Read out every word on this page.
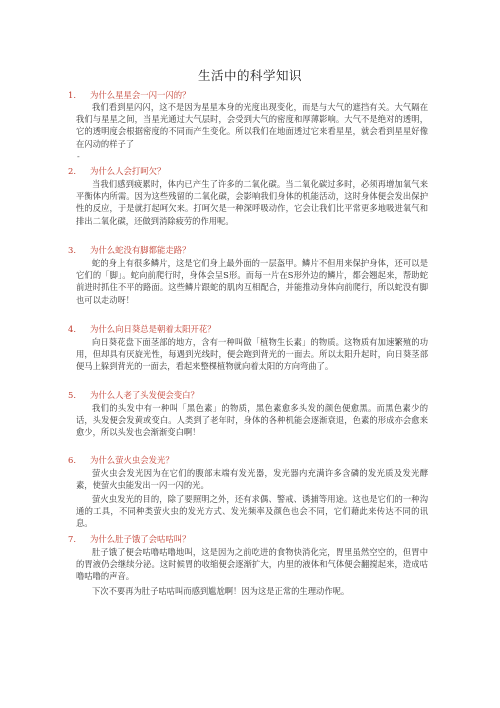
生活中的科学知识
1. 为什么星星会一闪一闪的？
我们看到星闪闪，这不是因为星星本身的光度出现变化，而是与大气的遮挡有关。大气隔在我们与星星之间，当星光通过大气层时，会受到大气的密度和厚薄影响。大气不是绝对的透明，它的透明度会根据密度的不同而产生变化。所以我们在地面透过它来看星星，就会看到星星好像在闪动的样子了
-
2. 为什么人会打呵欠？
当我们感到疲累时，体内已产生了许多的二氧化碳。当二氧化碳过多时，必须再增加氧气来平衡体内所需。因为这些残留的二氧化碳，会影响我们身体的机能活动，这时身体便会发出保护性的反应，于是就打起呵欠来。打呵欠是一种深呼吸动作，它会让我们比平常更多地吸进氧气和排出二氧化碳，还做到消除疲劳的作用呢。
3. 为什么蛇没有脚都能走路？
蛇的身上有很多鳞片，这是它们身上最外面的一层盔甲。鳞片不但用来保护身体，还可以是它们的「脚」。蛇向前爬行时，身体会呈S形。而每一片在S形外边的鳞片，都会翘起来，帮助蛇前进时抓住不平的路面。这些鳞片跟蛇的肌肉互相配合，并能推动身体向前爬行，所以蛇没有脚也可以走动呀！
4. 为什么向日葵总是朝着太阳开花？
向日葵花盘下面茎部的地方，含有一种叫做「植物生长素」的物质。这物质有加速繁殖的功用，但却具有厌旋光性，每遇到光线时，便会跑到背光的一面去。所以太阳升起时，向日葵茎部便马上躲到背光的一面去，看起来整棵植物就向着太阳的方向弯曲了。
5. 为什么人老了头发便会变白？
我们的头发中有一种叫「黑色素」的物质，黑色素愈多头发的颜色便愈黑。而黑色素少的话，头发便会发黄或变白。人类到了老年时，身体的各种机能会逐渐衰退，色素的形成亦会愈来愈少，所以头发也会渐渐变白啊！
6. 为什么萤火虫会发光？
萤火虫会发光因为在它们的腹部末端有发光器，发光器内充满许多含磷的发光质及发光酵素，使萤火虫能发出一闪一闪的光。
萤火虫发光的目的，除了要照明之外，还有求偶、警戒、诱捕等用途。这也是它们的一种沟通的工具，不同种类萤火虫的发光方式、发光频率及颜色也会不同，它们藉此来传达不同的讯息。
7. 为什么肚子饿了会咕咕叫？
肚子饿了便会咕噜咕噜地叫，这是因为之前吃进的食物快消化完，胃里虽然空空的，但胃中的胃液仍会继续分泌。这时候胃的收缩便会逐渐扩大，内里的液体和气体便会翻搅起来，造成咕噜咕噜的声音。
下次不要再为肚子咕咕叫而感到尴尬啊！因为这是正常的生理动作呢。
